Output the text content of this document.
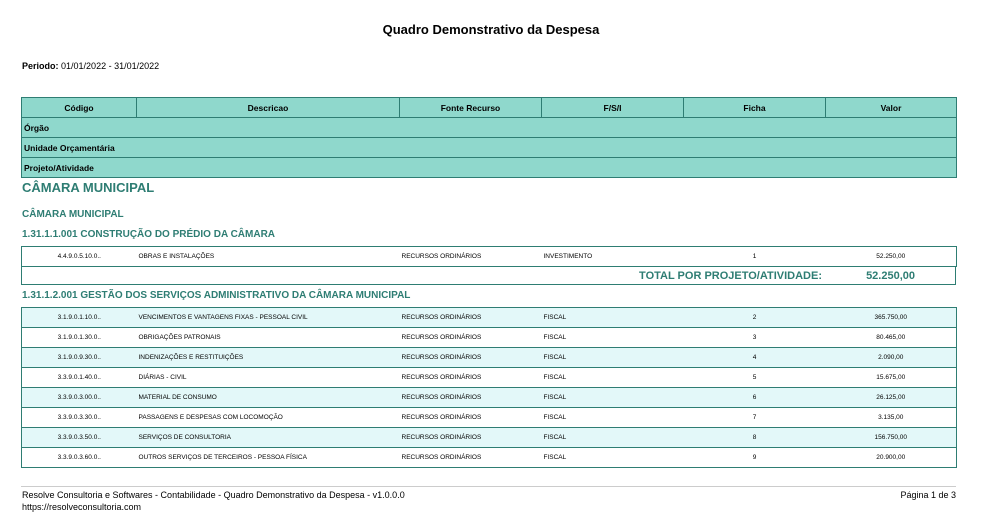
Quadro Demonstrativo da Despesa
Periodo: 01/01/2022 - 31/01/2022
Código	Descricao	Fonte Recurso	F/S/I	Ficha	Valor
Órgão
Unidade Orçamentária
Projeto/Atividade
CÂMARA MUNICIPAL
CÂMARA MUNICIPAL
1.31.1.1.001 CONSTRUÇÃO DO PRÉDIO DA CÂMARA
4.4.9.0.5.10.0..	OBRAS E INSTALAÇÕES	RECURSOS ORDINÁRIOS	INVESTIMENTO	1	52.250,00
TOTAL POR PROJETO/ATIVIDADE:	52.250,00
1.31.1.2.001 GESTÃO DOS SERVIÇOS ADMINISTRATIVO DA CÂMARA MUNICIPAL
3.1.9.0.1.10.0..	VENCIMENTOS E VANTAGENS FIXAS - PESSOAL CIVIL	RECURSOS ORDINÁRIOS	FISCAL	2	365.750,00
3.1.9.0.1.30.0..	OBRIGAÇÕES PATRONAIS	RECURSOS ORDINÁRIOS	FISCAL	3	80.465,00
3.1.9.0.9.30.0..	INDENIZAÇÕES E RESTITUIÇÕES	RECURSOS ORDINÁRIOS	FISCAL	4	2.090,00
3.3.9.0.1.40.0..	DIÁRIAS - CIVIL	RECURSOS ORDINÁRIOS	FISCAL	5	15.675,00
3.3.9.0.3.00.0..	MATERIAL DE CONSUMO	RECURSOS ORDINÁRIOS	FISCAL	6	26.125,00
3.3.9.0.3.30.0..	PASSAGENS E DESPESAS COM LOCOMOÇÃO	RECURSOS ORDINÁRIOS	FISCAL	7	3.135,00
3.3.9.0.3.50.0..	SERVIÇOS DE CONSULTORIA	RECURSOS ORDINÁRIOS	FISCAL	8	156.750,00
3.3.9.0.3.60.0..	OUTROS SERVIÇOS DE TERCEIROS - PESSOA FÍSICA	RECURSOS ORDINÁRIOS	FISCAL	9	20.900,00
Resolve Consultoria e Softwares - Contabilidade - Quadro Demonstrativo da Despesa - v1.0.0.0
https://resolveconsultoria.com
Página 1 de 3
